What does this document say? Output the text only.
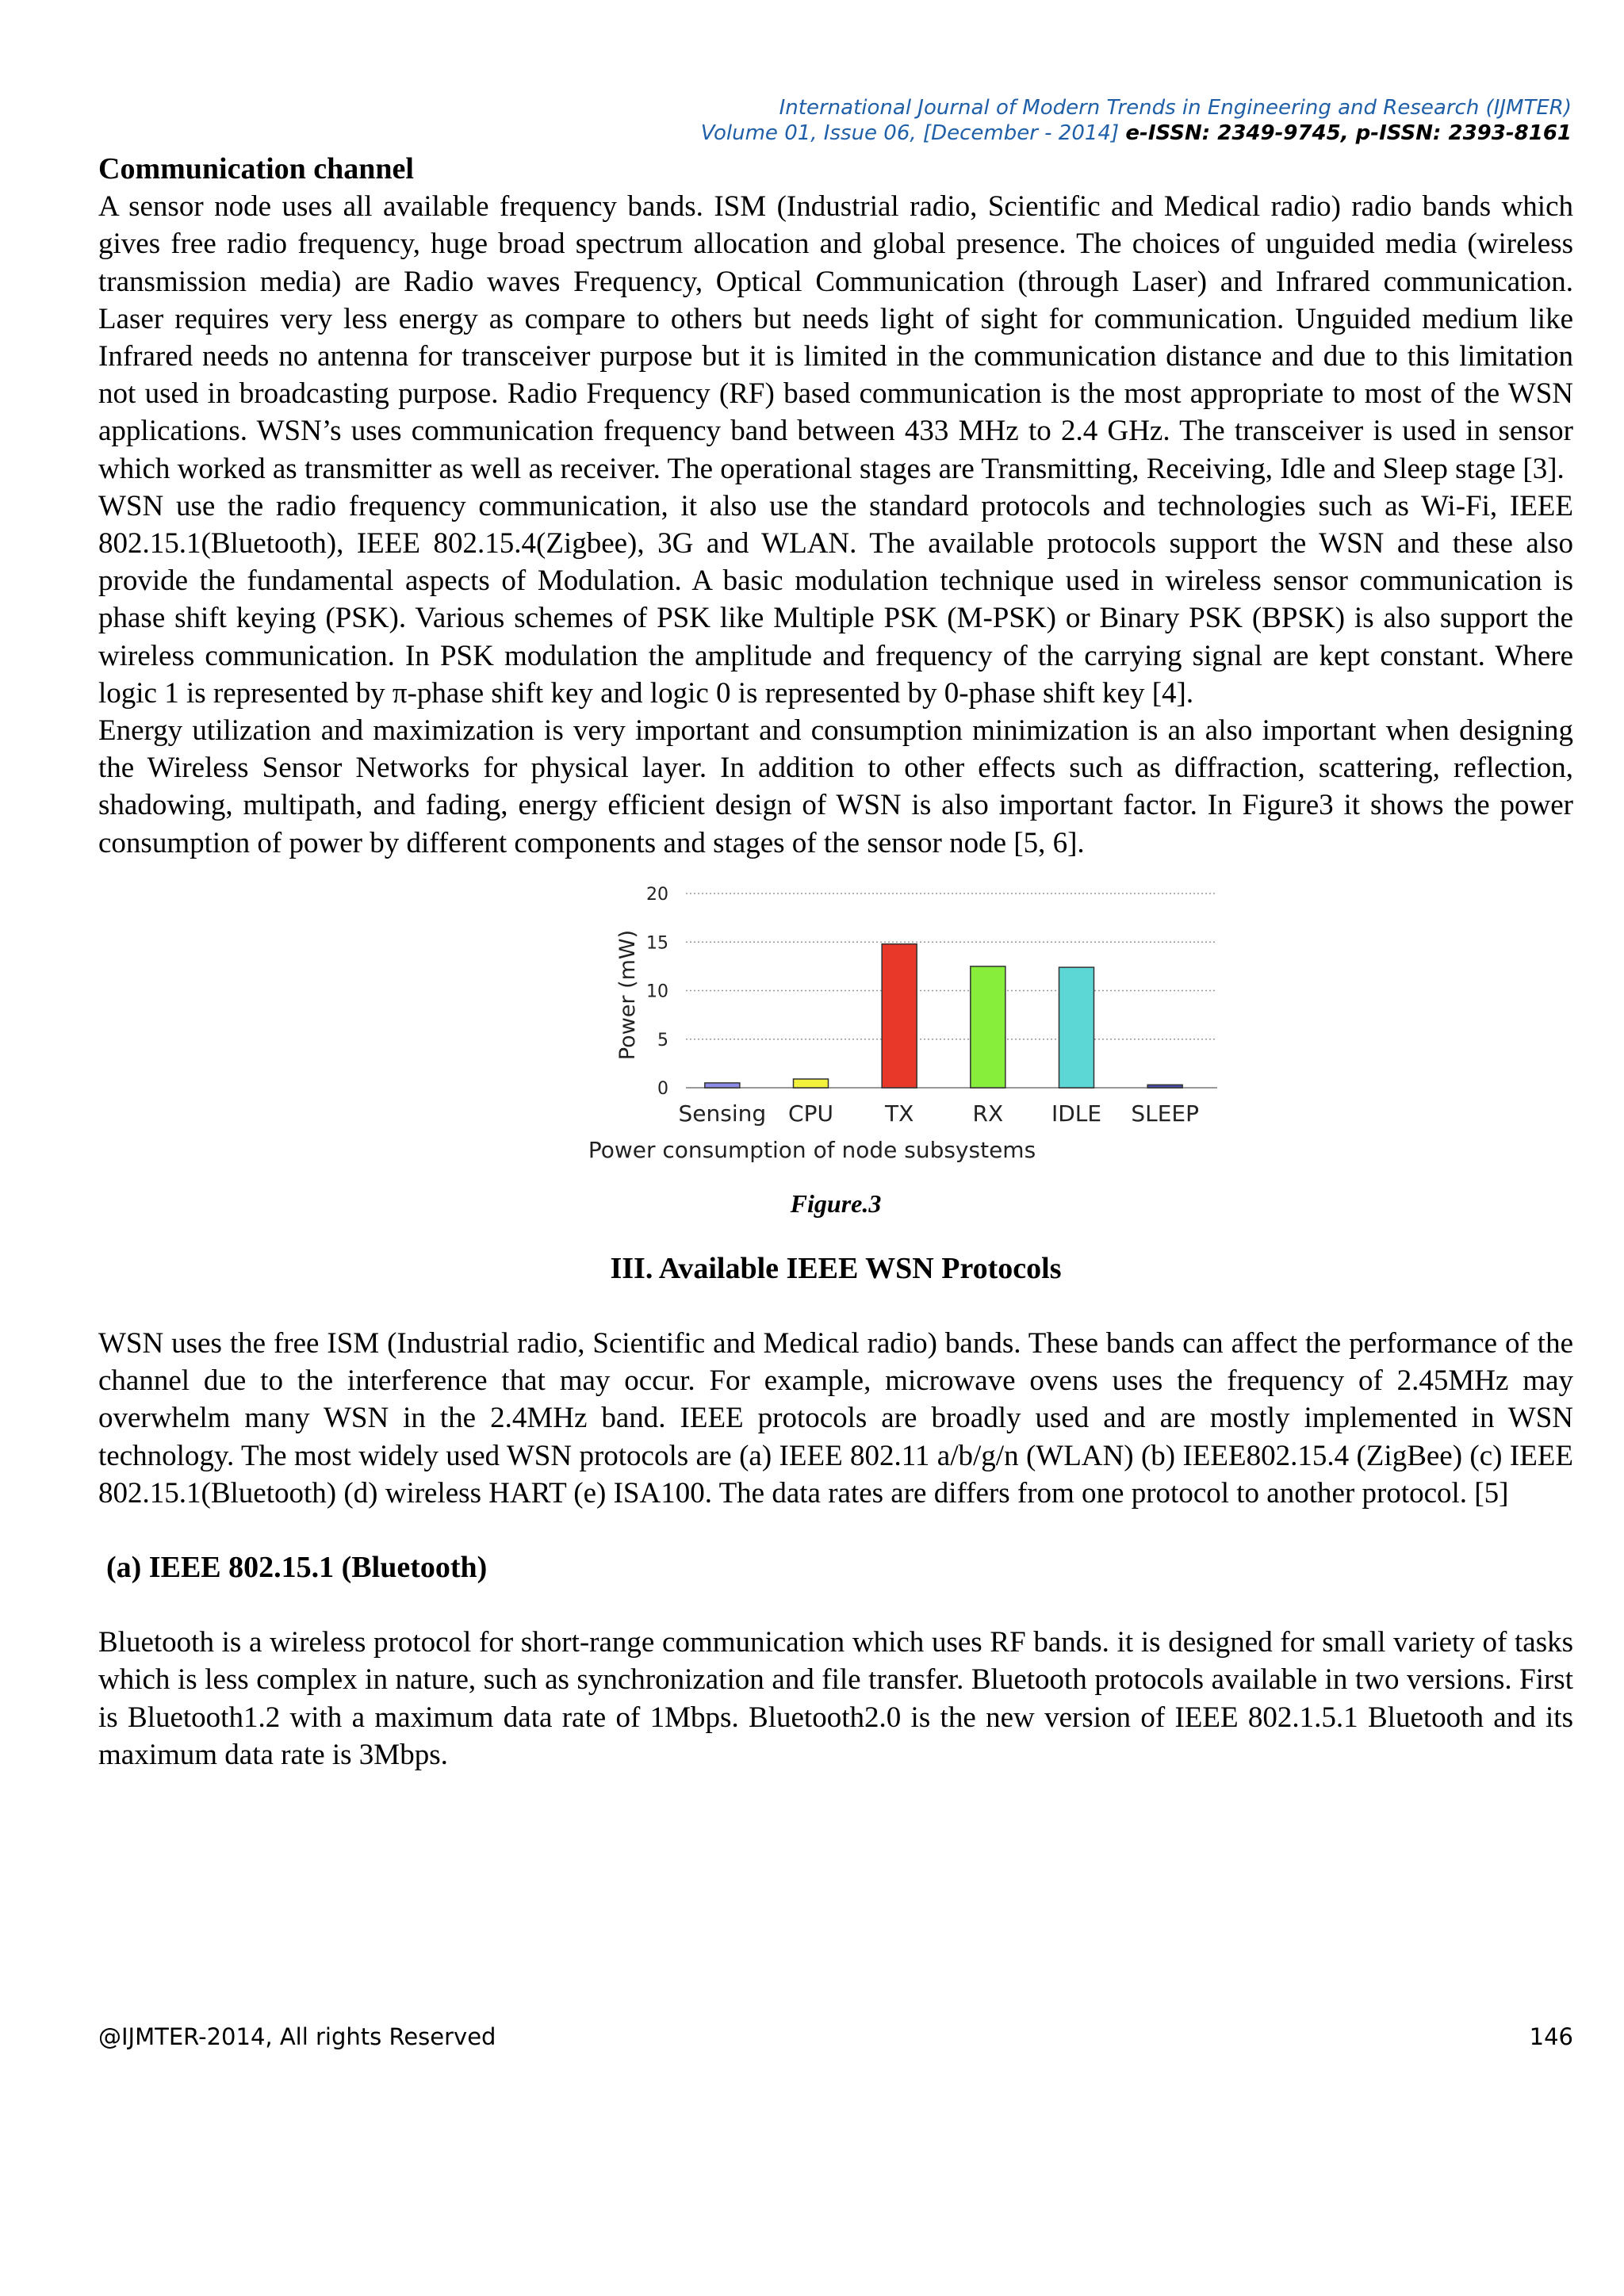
International Journal of Modern Trends in Engineering and Research (IJMTER)
Volume 01, Issue 06, [December - 2014] e-ISSN: 2349-9745, p-ISSN: 2393-8161
Communication channel

A sensor node uses all available frequency bands. ISM (Industrial radio, Scientific and Medical radio) radio bands which gives free radio frequency, huge broad spectrum allocation and global presence. The choices of unguided media (wireless transmission media) are Radio waves Frequency, Optical Communication (through Laser) and Infrared communication. Laser requires very less energy as compare to others but needs light of sight for communication. Unguided medium like Infrared needs no antenna for transceiver purpose but it is limited in the communication distance and due to this limitation not used in broadcasting purpose. Radio Frequency (RF) based communication is the most appropriate to most of the WSN applications. WSN’s uses communication frequency band between 433 MHz to 2.4 GHz. The transceiver is used in sensor which worked as transmitter as well as receiver. The operational stages are Transmitting, Receiving, Idle and Sleep stage [3].

WSN use the radio frequency communication, it also use the standard protocols and technologies such as Wi-Fi, IEEE 802.15.1(Bluetooth), IEEE 802.15.4(Zigbee), 3G and WLAN. The available protocols support the WSN and these also provide the fundamental aspects of Modulation. A basic modulation technique used in wireless sensor communication is phase shift keying (PSK). Various schemes of PSK like Multiple PSK (M-PSK) or Binary PSK (BPSK) is also support the wireless communication. In PSK modulation the amplitude and frequency of the carrying signal are kept constant. Where logic 1 is represented by π-phase shift key and logic 0 is represented by 0-phase shift key [4].

Energy utilization and maximization is very important and consumption minimization is an also important when designing the Wireless Sensor Networks for physical layer. In addition to other effects such as diffraction, scattering, reflection, shadowing, multipath, and fading, energy efficient design of WSN is also important factor. In Figure3 it shows the power consumption of power by different components and stages of the sensor node [5, 6].

0
5
10
15
20
Sensing CPU TX	RX IDLE SLEEP
Power (mW)
Power consumption of node subsystems
Figure.3

III. Available IEEE WSN Protocols

WSN uses the free ISM (Industrial radio, Scientific and Medical radio) bands. These bands can affect the performance of the channel due to the interference that may occur. For example, microwave ovens uses the frequency of 2.45MHz may overwhelm many WSN in the 2.4MHz band. IEEE protocols are broadly used and are mostly implemented in WSN technology. The most widely used WSN protocols are (a) IEEE 802.11 a/b/g/n (WLAN) (b) IEEE802.15.4 (ZigBee) (c) IEEE 802.15.1(Bluetooth) (d) wireless HART (e) ISA100. The data rates are differs from one protocol to another protocol. [5]

(a) IEEE 802.15.1 (Bluetooth)

Bluetooth is a wireless protocol for short-range communication which uses RF bands. it is designed for small variety of tasks which is less complex in nature, such as synchronization and file transfer. Bluetooth protocols available in two versions. First is Bluetooth1.2 with a maximum data rate of 1Mbps. Bluetooth2.0 is the new version of IEEE 802.1.5.1 Bluetooth and its maximum data rate is 3Mbps.

@IJMTER-2014, All rights Reserved	146
